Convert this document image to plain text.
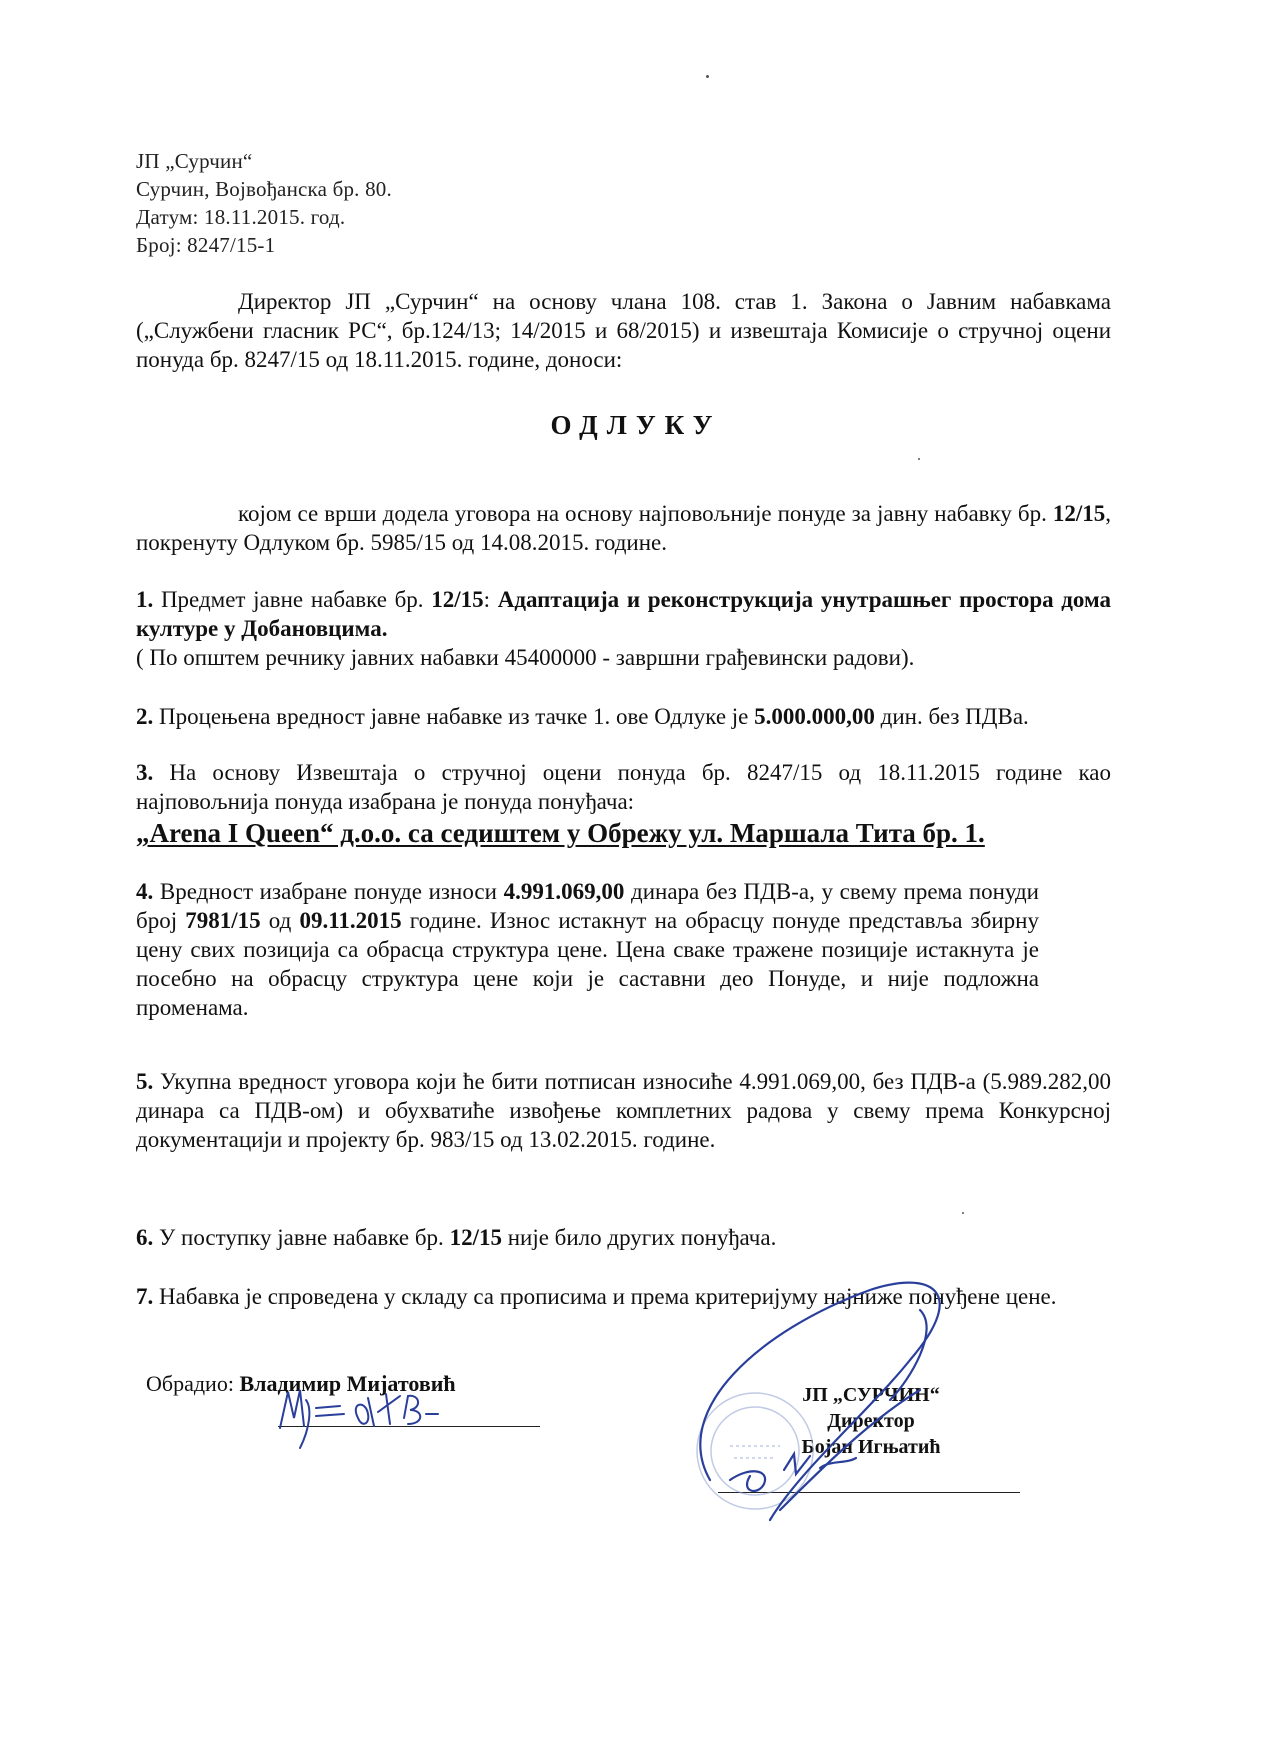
ЈП „Сурчин“
Сурчин, Војвођанска бр. 80.
Датум: 18.11.2015. год.
Број: 8247/15-1
Директор ЈП „Сурчин“ на основу члана 108. став 1. Закона о Јавним набавкама („Службени гласник РС“, бр.124/13; 14/2015 и 68/2015) и извештаја Комисије о стручној оцени понуда бр. 8247/15 од 18.11.2015. године, доноси:
ОДЛУКУ
којом се врши додела уговора на основу најповољније понуде за јавну набавку бр. 12/15, покренуту Одлуком бр. 5985/15 од 14.08.2015. године.
1. Предмет јавне набавке бр. 12/15: Адаптација и реконструкција унутрашњег простора дома културе у Добановцима.
( По општем речнику јавних набавки 45400000 - завршни грађевински радови).
2. Процењена вредност јавне набавке из тачке 1. ове Одлуке је 5.000.000,00 дин. без ПДВа.
3. На основу Извештаја о стручној оцени понуда бр. 8247/15 од 18.11.2015 године као најповољнија понуда изабрана је понуда понуђача:
„Arena I Queen“ д.о.о. са седиштем у Обрежу ул. Маршала Тита бр. 1.
4. Вредност изабране понуде износи 4.991.069,00 динара без ПДВ-а, у свему према понуди број 7981/15 од 09.11.2015 године. Износ истакнут на обрасцу понуде представља збирну цену свих позиција са обрасца структура цене. Цена сваке тражене позиције истакнута је посебно на обрасцу структура цене који је саставни део Понуде, и није подложна променама.
5. Укупна вредност уговора који ће бити потписан износиће 4.991.069,00, без ПДВ-а (5.989.282,00 динара са ПДВ-ом) и обухватиће извођење комплетних радова у свему према Конкурсној документацији и пројекту бр. 983/15 од 13.02.2015. године.
6. У поступку јавне набавке бр. 12/15 није било других понуђача.
7. Набавка је спроведена у складу са прописима и према критеријуму најниже понуђене цене.
Обрадио: Владимир Мијатовић	ЈП „СУРЧИН“
Директор
Бојан Игњатић
